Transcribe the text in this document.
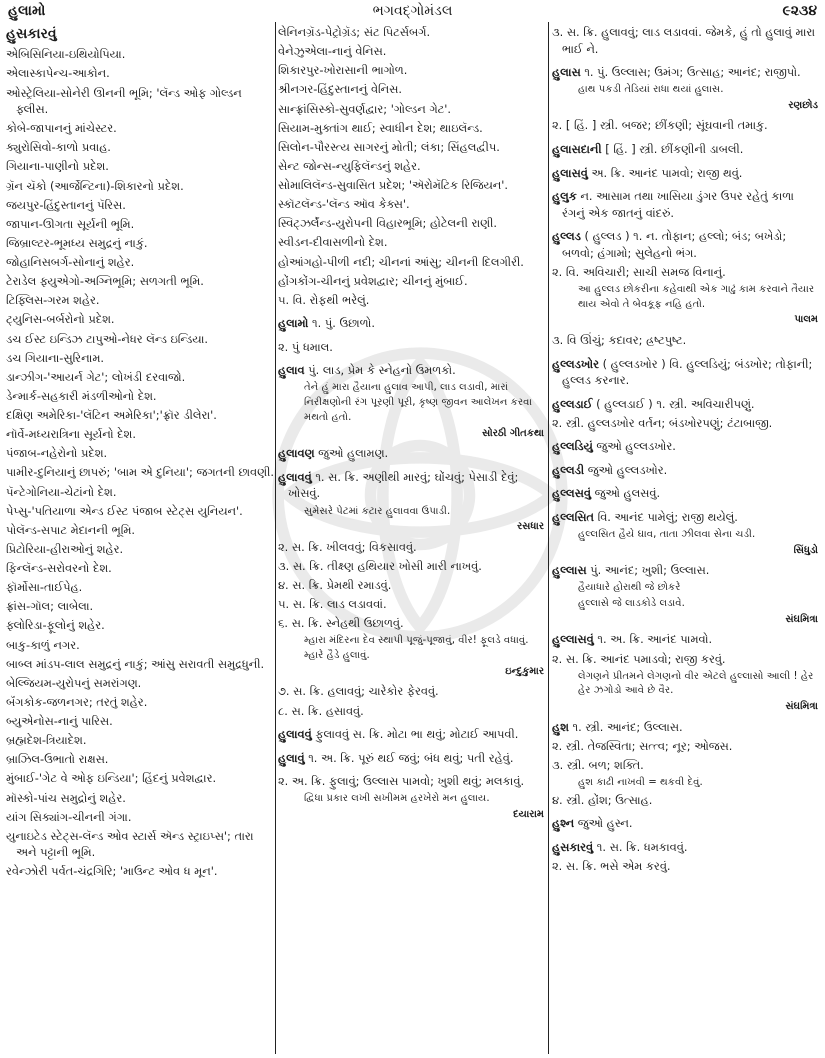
હુલામો	ભગવદ્ગોમંડલ	૯૨૩૪
હુસકારવું
એબિસિનિયા-ઇથિયોપિયા.
એલાસ્કાપેન્ચ-આકોન.
ઓસ્ટ્રેલિયા-સોનેરી ઊનની ભૂમિ; 'લૅન્ડ ઓફ ગોલ્ડન ફ્લીસ.
કોબે-જાપાનનું માંચેસ્ટર.
ક્યુરોસિવો-કાળો પ્રવાહ.
ગિયાના-પાણીનો પ્રદેશ.
ગ્રૅન ચૅકો (આર્જેન્ટિના)-શિકારનો પ્રદેશ.
જયપુર-હિંદુસ્તાનનું પૅરિસ.
જાપાન-ઊગતા સૂર્યની ભૂમિ.
જિબ્રાલ્ટર-ભૂમધ્ય સમુદ્રનું નાકું.
જોહાનિસબર્ગ-સોનાનું શહેર.
ટેરાડેલ ફ્યુએગો-અગ્નિભૂમિ; સળગતી ભૂમિ.
ટિફ્લિસ-ગરમ શહેર.
ટ્યુનિસ-બર્બરોનો પ્રદેશ.
ડચ ઈસ્ટ ઇન્ડિઝ ટાપુઓ-નેધર લૅન્ડ ઇન્ડિયા.
ડચ ગિયાના-સુરિનામ.
ડાન્ઝીગ-'આયર્ન ગેટ'; લોખંડી દરવાજો.
ડેન્માર્ક-સહકારી મંડળીઓનો દેશ.
દક્ષિણ અમેરિકા-'લૅટિન અમેરિકા';'ફ્રૉર ડીલેરા'.
નૉર્વે-મધ્યરાત્રિના સૂર્યનો દેશ.
પંજાબ-નહેરોનો પ્રદેશ.
પામીર-દુનિયાનું છાપરું; 'બામ એ દુનિયા'; જગતની છાવણી.
પૅન્ટેગોનિયા-ચેટાંનો દેશ.
પેપ્સુ-'પતિયાળા એન્ડ ઈસ્ટ પંજાબ સ્ટેટ્સ યુનિયન'.
પોલૅન્ડ-સપાટ મેદાનની ભૂમિ.
પ્રિટોરિયા-હીરાઓનું શહેર.
ફિન્લૅન્ડ-સરોવરનો દેશ.
ફૉર્મોસા-તાઈપેહ.
ફ્રાંસ-ગૉલ; લાબેલા.
ફ્લોરિડા-ફૂલોનું શહેર.
બાકુ-કાળું નગર.
બાબ્લ માંડપ-લાલ સમુદ્રનું નાકું; આંસુ સરાવતી સમુદ્રધુની.
બેલ્જિયમ-યુરોપનું સમરાંગણ.
બૅંગકોક-જળનગર; તરતું શહેર.
બ્યુએનોસ-નાનું પારિસ.
બ્રહ્મદેશ-ત્રિયાદેશ.
બ્રાઝિલ-ઉભાતો રાક્ષસ.
મુંબાઈ-'ગેટ વે ઓફ ઇન્ડિયા'; હિંદનું પ્રવેશદ્વાર.
મૉસ્કો-પાંચ સમુદ્રોનું શહેર.
યાંગ સિક્યાંગ-ચીનની ગંગા.
યુનાઇટેડ સ્ટેટ્સ-લૅન્ડ ઓવ સ્ટાર્સ ઍન્ડ સ્ટ્રાઇપ્સ'; તારા અને પટ્ટાની ભૂમિ.
રવેન્ઝોરી પર્વત-ચંદ્રગિરિ; 'માઉન્ટ ઓવ ધ મૂન'.
લેનિનગ્રૅડ-પેટ્રોગ્રૅડ; સંટ પિટર્સબર્ગ.
વેનેઝુએલા-નાનું વેનિસ.
શિકારપુર-ખોરાસાની ભાગોળ.
શ્રીનગર-હિંદુસ્તાનનું વેનિસ.
સાન્ફ્રાંસિસ્કો-સુવર્ણદ્વાર; 'ગોલ્ડન ગેટ'.
સિયામ-મુક્તાંગ થાઈ; સ્વાધીન દેશ; થાઇલૅન્ડ.
સિલોન-પૌરસ્ત્ય સાગરનું મોતી; લંકા; સિંહલદ્વીપ.
સેન્ટ જોન્સ-ન્યુફિલૅન્ડનું શહેર.
સોમાલિલૅન્ડ-સુવાસિત પ્રદેશ; 'ઍરોમૅટિક રિજિયન'.
સ્કૉટલૅન્ડ-'લૅન્ડ ઑવ કેક્સ'.
સ્વિટ્ઝર્લૅન્ડ-યુરોપની વિહારભૂમિ; હોટેલની રાણી.
સ્વીડન-દીવાસળીનો દેશ.
હોઆંગહો-પીળી નદી; ચીનનાં આંસુ; ચીનની દિલગીરી.
હોંગકોંગ-ચીનનું પ્રવેશદ્વાર; ચીનનું મુંબાઈ.
૫. વિ. રોફથી ભરેલું.
હુલામો ૧. પું. ઉછાળો.
૨. પું ધમાલ.
હુલાવ પું. લાડ, પ્રેમ કે સ્નેહનો ઉમળકો.
તેને હું મારા હૈયાના હુલાવ આપી, લાડ લડાવી, મારાં નિરીક્ષણોની રંગ પૂરણી પૂરી, કૃષ્ણ જીવન આલેખન કરવા મથતો હતો.
સોરઠી ગીતકથા
હુલાવણ જુઓ હુલામણ.
હુલાવવું ૧. સ. ક્રિ. અણીથી મારવું; ઘોંચવું; પેસાડી દેવું; ખોસવું.
સુમેસરે પેટમાં કટાર હુલાવવા ઉપાડી.
રસધાર
૨. સ. ક્રિ. ખીલવવું; વિકસાવવું.
૩. સ. ક્રિ. તીક્ષ્ણ હથિયાર ખોસી મારી નાખવું.
૪. સ. ક્રિ. પ્રેમથી રમાડવું.
૫. સ. ક્રિ. લાડ લડાવવાં.
૬. સ. ક્રિ. સ્નેહથી ઉછાળવું.
મ્હારા મંદિરના દેવ સ્થાપી પૂજું-પૂજાવું, વીર! ફૂલડે વધાવું. મ્હારે હૈડે હુલાવું.
ઇન્દુકુમાર
૭. સ. ક્રિ. હલાવવું; ચારેકોર ફેરવવું.
૮. સ. ક્રિ. હસાવવું.
હુલાવવું ફુલાવવું સ. ક્રિ. મોટા ભા થવું; મોટાઈ આપવી.
હુલાવું ૧. અ. ક્રિ. પૂરું થઈ જવું; બંધ થવું; પતી રહેવું.
૨. અ. ક્રિ. ફુલાવું; ઉલ્લાસ પામવો; ખુશી થવું; મલકાવું.
દ્વિધા પ્રકાર લખી સખીમમ હરખેરો મન હુલાય.
દયારામ
૩. સ. ક્રિ. હુલાવવું; લાડ લડાવવાં. જેમકે, હું તો હુલાવું મારા ભાઈ ને.
હુલાસ ૧. પું. ઉલ્લાસ; ઉમંગ; ઉત્સાહ; આનંદ; રાજીપો.
હાથ પકડી તેડિયાં રાધા થયાં હુલાસ.
રણછોડ
૨. [ હિં. ] સ્ત્રી. બજર; છીંકણી; સૂંઘવાની તમાકુ.
હુલાસદાની [ હિં. ] સ્ત્રી. છીંકણીની ડાબલી.
હુલાસવું અ. ક્રિ. આનંદ પામવો; રાજી થવું.
હુલુક ન. આસામ તથા ખાસિયા ડુંગર ઉપર રહેતું કાળા રંગનું એક જાતનું વાંદરું.
હુલ્લડ ( હુલ્લડ ) ૧. ન. તોફાન; હલ્લો; બંડ; બખેડો; બળવો; હંગામો; સુલેહનો ભંગ.
૨. વિ. અવિચારી; સાચી સમજ વિનાનું.
આ હુલ્લડ છોકરીના કહેવાથી એક ગાઢું કામ કરવાને તૈયાર થાય એવો તે બેવકૂફ નહિ હતો.
પાલમ
૩. વિ ઊંચું; કદાવર; હ્રષ્ટપુષ્ટ.
હુલ્લડખોર ( હુલ્લડખોર ) વિ. હુલ્લડિયું; બંડખોર; તોફાની; હુલ્લડ કરનાર.
હુલ્લડાઈ ( હુલ્લડાઈ ) ૧. સ્ત્રી. અવિચારીપણું.
૨. સ્ત્રી. હુલ્લડખોર વર્તન; બંડખોરપણું; ટંટાબાજી.
હુલ્લડિયું જુઓ હુલ્લડખોર.
હુલ્લડી જુઓ હુલ્લડખોર.
હુલ્લસવું જુઓ હુલસવું.
હુલ્લસિત વિ. આનંદ પામેલું; રાજી થયેલું.
હુલ્લસિત હૈયે ઘાવ, તાતા ઝીલવા સેના ચડી.
સિંધુડો
હુલ્લાસ પું. આનંદ; ખુશી; ઉલ્લાસ.
હૈયાધારે હોરાથી જે છોકરે
હુલ્લાસે જે લાડકોડે લડાવે.
સંઘમિત્રા
હુલ્લાસવું ૧. અ. ક્રિ. આનંદ પામવો.
૨. સ. ક્રિ. આનંદ પમાડવો; રાજી કરવું.
લેગણને પ્રીતમને લેગણનો વીર એટલે હુલ્લાસો આલી ! હેર હેર ઝગોડો આવે છે વૈર.
સંઘમિત્રા
હુશ ૧. સ્ત્રી. આનંદ; ઉલ્લાસ.
૨. સ્ત્રી. તેજસ્વિતા; સત્ત્વ; નૂર; ઓજસ.
૩. સ્ત્રી. બળ; શક્તિ.
હુશ કાઢી નાખવી = થકવી દેવું.
૪. સ્ત્રી. હોંશ; ઉત્સાહ.
હુશ્ન જુઓ હુસ્ન.
હુસકારવું ૧. સ. ક્રિ. ધમકાવવું.
૨. સ. ક્રિ. ભસે એમ કરવું.
